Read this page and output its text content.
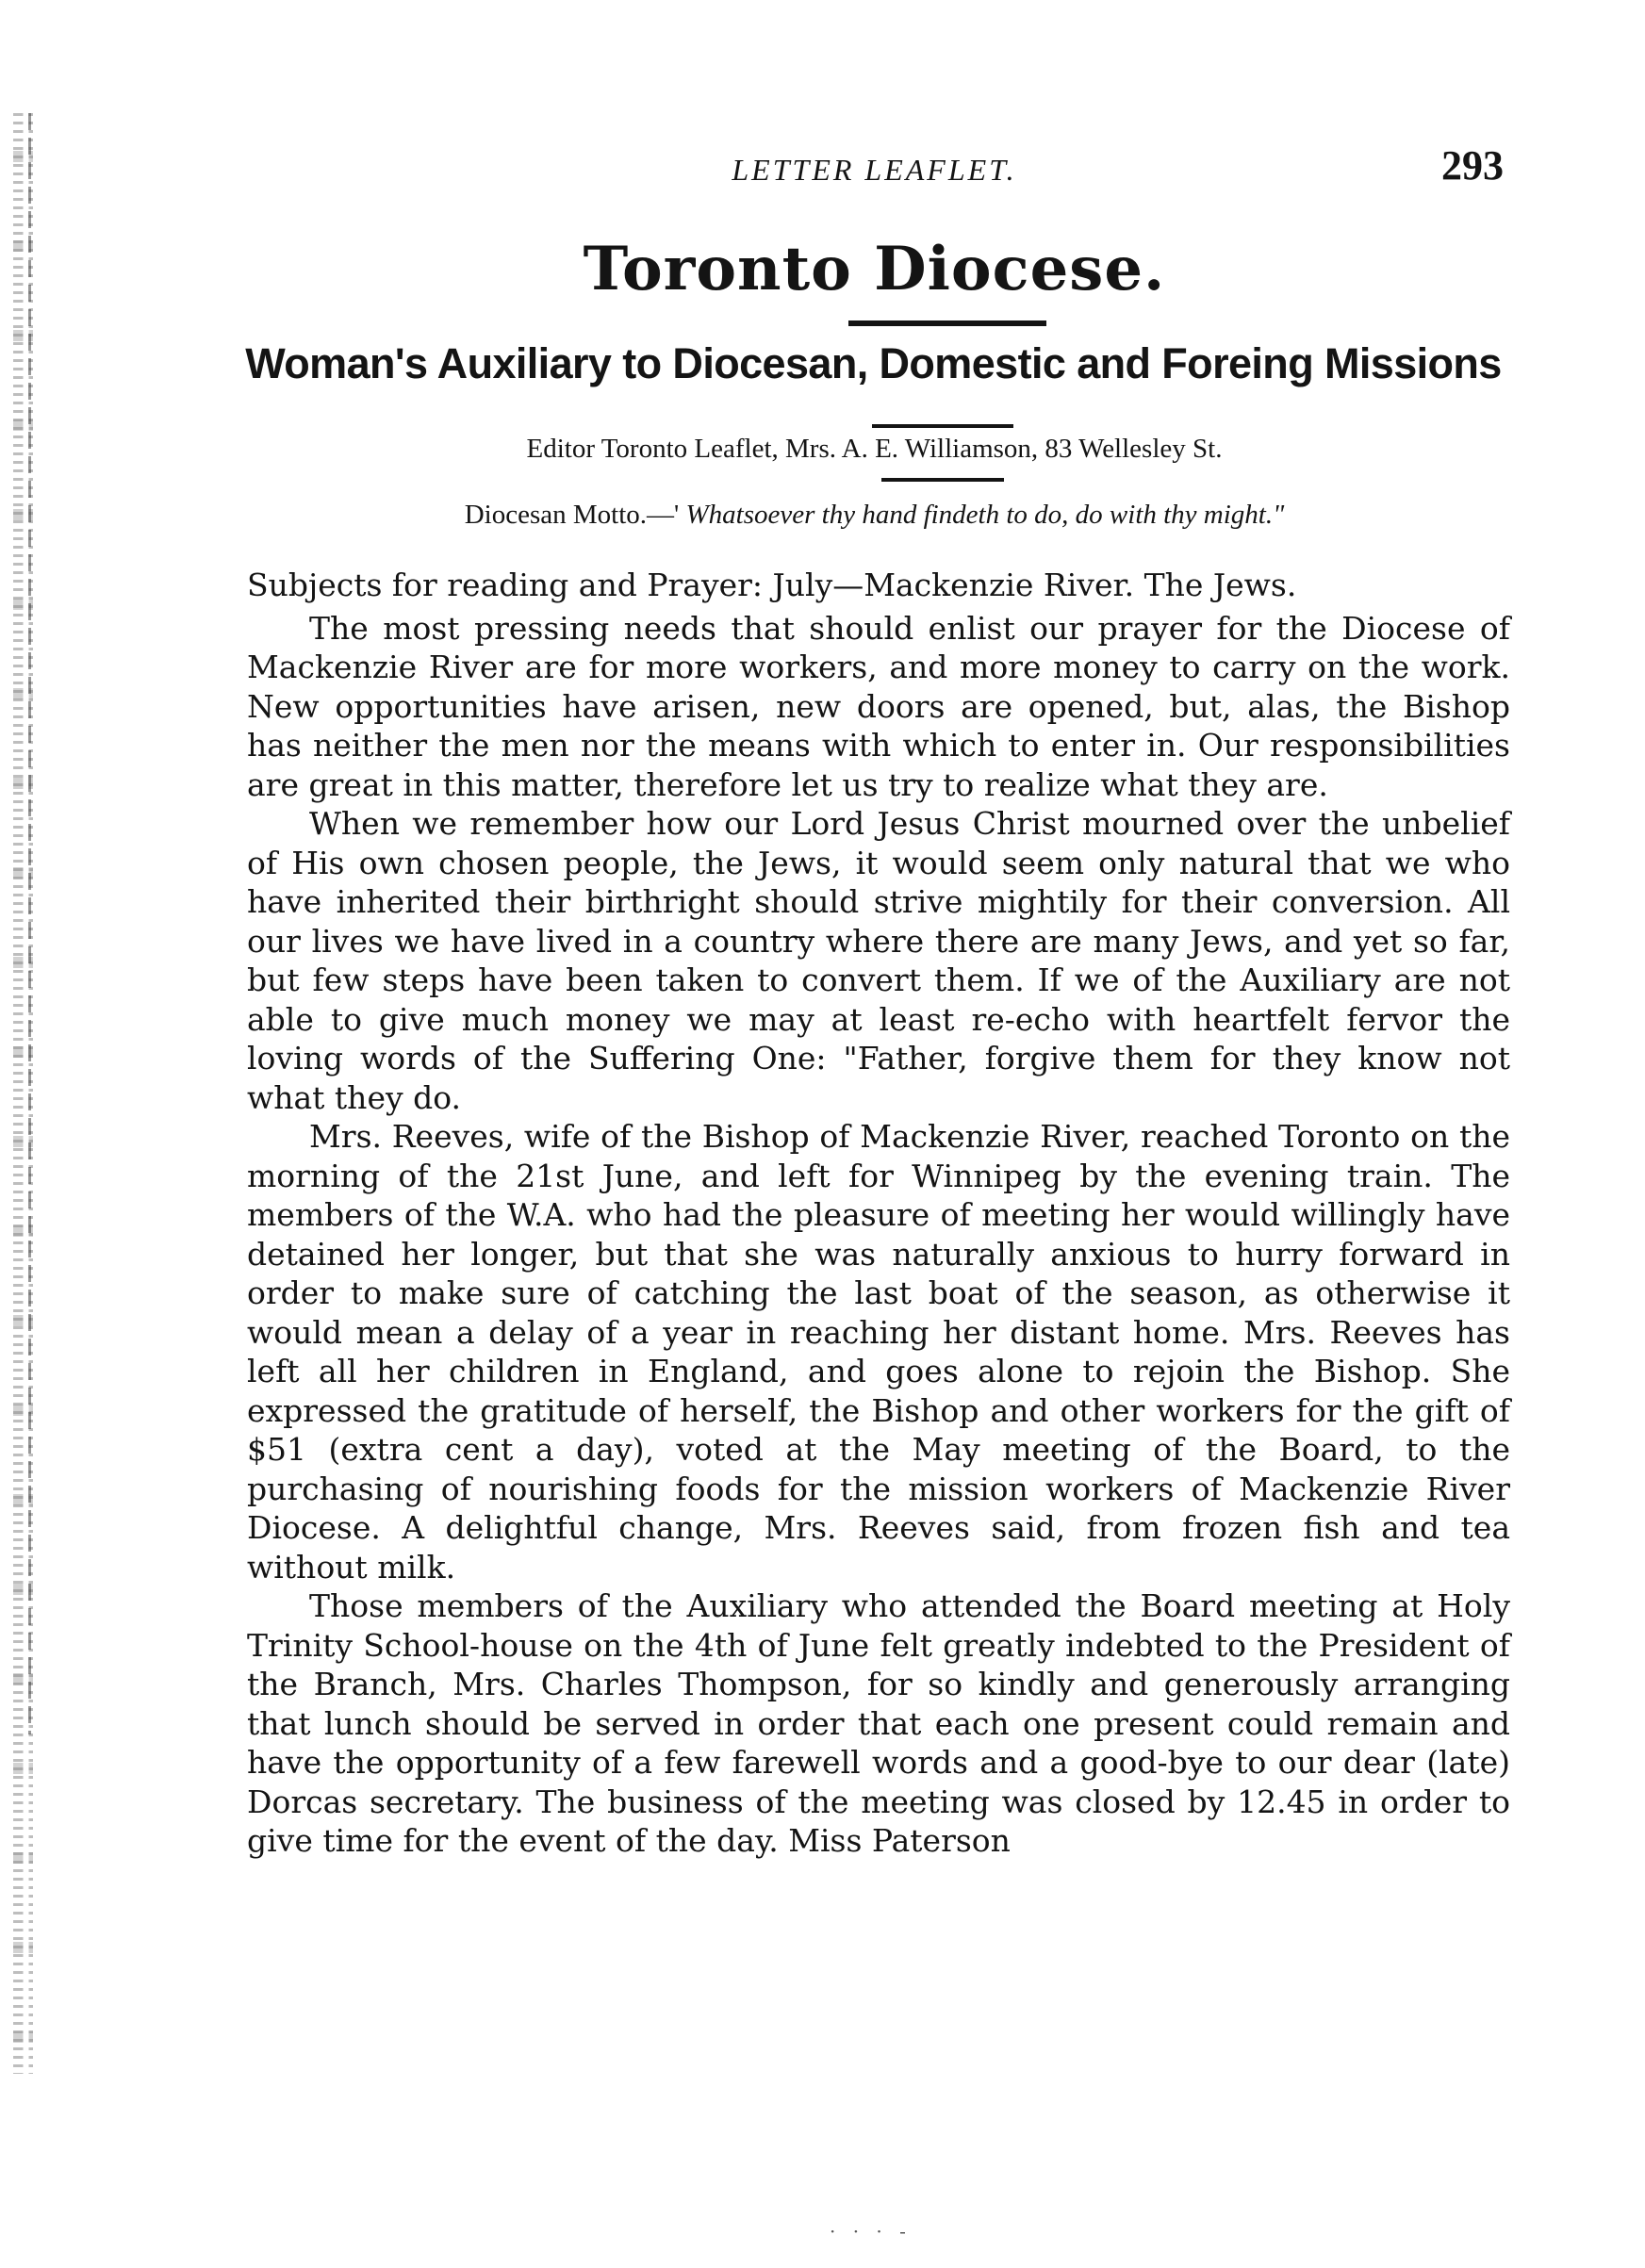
LETTER LEAFLET.	293
Toronto Diocese.
Woman's Auxiliary to Diocesan, Domestic and Foreing Missions
Editor Toronto Leaflet, Mrs. A. E. Williamson, 83 Wellesley St.
Diocesan Motto.—' Whatsoever thy hand findeth to do, do with thy might."

Subjects for reading and Prayer: July—Mackenzie River. The Jews.

The most pressing needs that should enlist our prayer for the Diocese of Mackenzie River are for more workers, and more money to carry on the work. New opportunities have arisen, new doors are opened, but, alas, the Bishop has neither the men nor the means with which to enter in. Our responsibilities are great in this matter, therefore let us try to realize what they are.

When we remember how our Lord Jesus Christ mourned over the unbelief of His own chosen people, the Jews, it would seem only natural that we who have inherited their birthright should strive mightily for their conversion. All our lives we have lived in a country where there are many Jews, and yet so far, but few steps have been taken to convert them. If we of the Auxiliary are not able to give much money we may at least re-echo with heartfelt fervor the loving words of the Suffering One: "Father, forgive them for they know not what they do.

Mrs. Reeves, wife of the Bishop of Mackenzie River, reached Toronto on the morning of the 21st June, and left for Winnipeg by the evening train. The members of the W.A. who had the pleasure of meeting her would willingly have detained her longer, but that she was naturally anxious to hurry forward in order to make sure of catching the last boat of the season, as otherwise it would mean a delay of a year in reaching her distant home. Mrs. Reeves has left all her children in England, and goes alone to rejoin the Bishop. She expressed the gratitude of herself, the Bishop and other workers for the gift of $51 (extra cent a day), voted at the May meeting of the Board, to the purchasing of nourishing foods for the mission workers of Mackenzie River Diocese. A delightful change, Mrs. Reeves said, from frozen fish and tea without milk.

Those members of the Auxiliary who attended the Board meeting at Holy Trinity School-house on the 4th of June felt greatly indebted to the President of the Branch, Mrs. Charles Thompson, for so kindly and generously arranging that lunch should be served in order that each one present could remain and have the opportunity of a few farewell words and a good-bye to our dear (late) Dorcas secretary. The business of the meeting was closed by 12.45 in order to give time for the event of the day. Miss Paterson

· · · -
